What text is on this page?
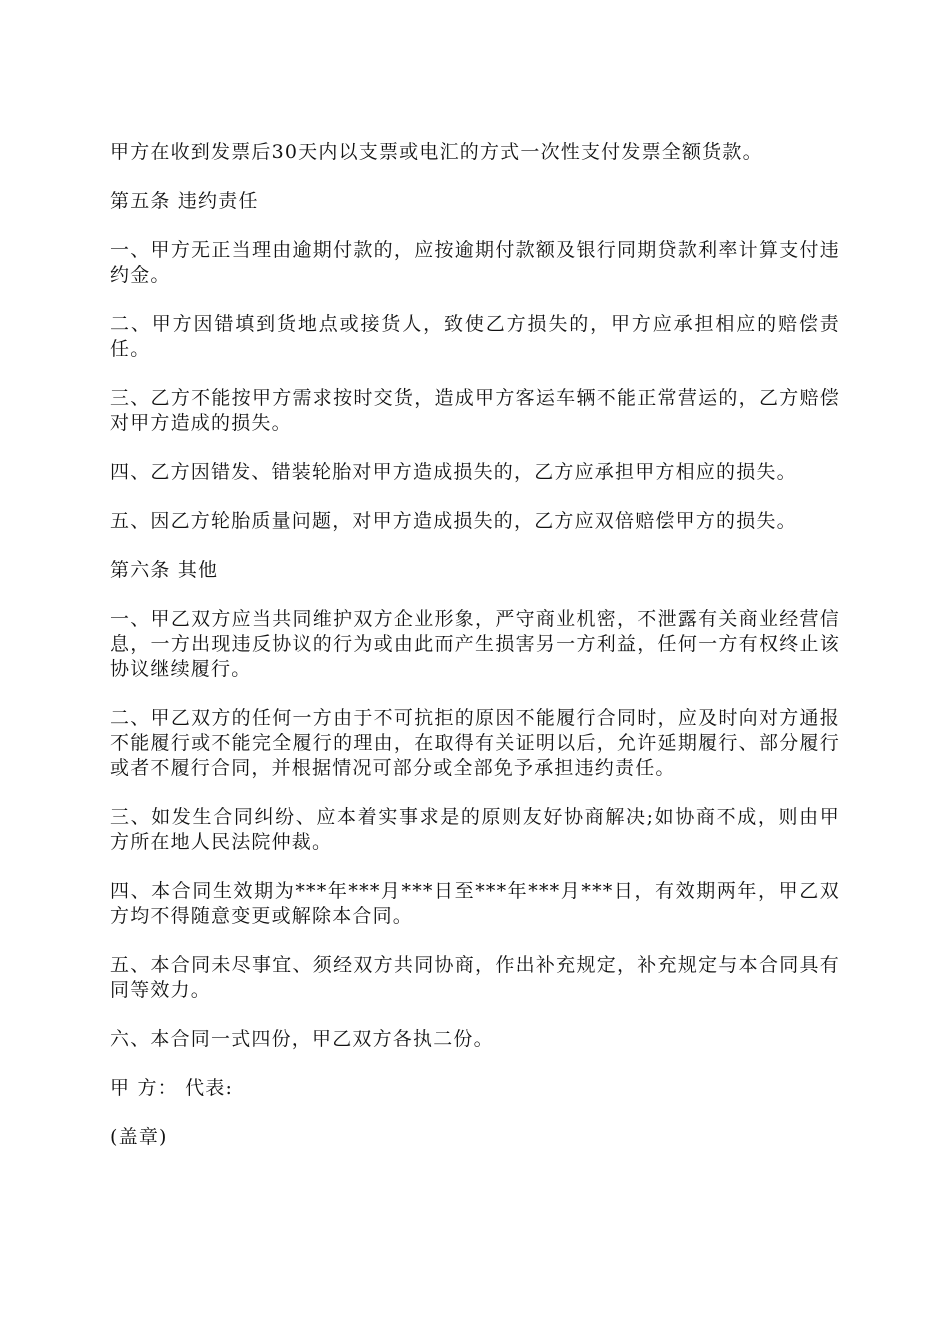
甲方在收到发票后30天内以支票或电汇的方式一次性支付发票全额货款。

第五条 违约责任

一、甲方无正当理由逾期付款的，应按逾期付款额及银行同期贷款利率计算支付违约金。

二、甲方因错填到货地点或接货人，致使乙方损失的，甲方应承担相应的赔偿责任。

三、乙方不能按甲方需求按时交货，造成甲方客运车辆不能正常营运的，乙方赔偿对甲方造成的损失。

四、乙方因错发、错装轮胎对甲方造成损失的，乙方应承担甲方相应的损失。

五、因乙方轮胎质量问题，对甲方造成损失的，乙方应双倍赔偿甲方的损失。

第六条 其他

一、甲乙双方应当共同维护双方企业形象，严守商业机密，不泄露有关商业经营信息，一方出现违反协议的行为或由此而产生损害另一方利益，任何一方有权终止该协议继续履行。

二、甲乙双方的任何一方由于不可抗拒的原因不能履行合同时，应及时向对方通报不能履行或不能完全履行的理由，在取得有关证明以后，允许延期履行、部分履行或者不履行合同，并根据情况可部分或全部免予承担违约责任。

三、如发生合同纠纷、应本着实事求是的原则友好协商解决;如协商不成，则由甲方所在地人民法院仲裁。

四、本合同生效期为***年***月***日至***年***月***日，有效期两年，甲乙双方均不得随意变更或解除本合同。

五、本合同未尽事宜、须经双方共同协商，作出补充规定，补充规定与本合同具有同等效力。

六、本合同一式四份，甲乙双方各执二份。

甲 方： 代表:

(盖章)
